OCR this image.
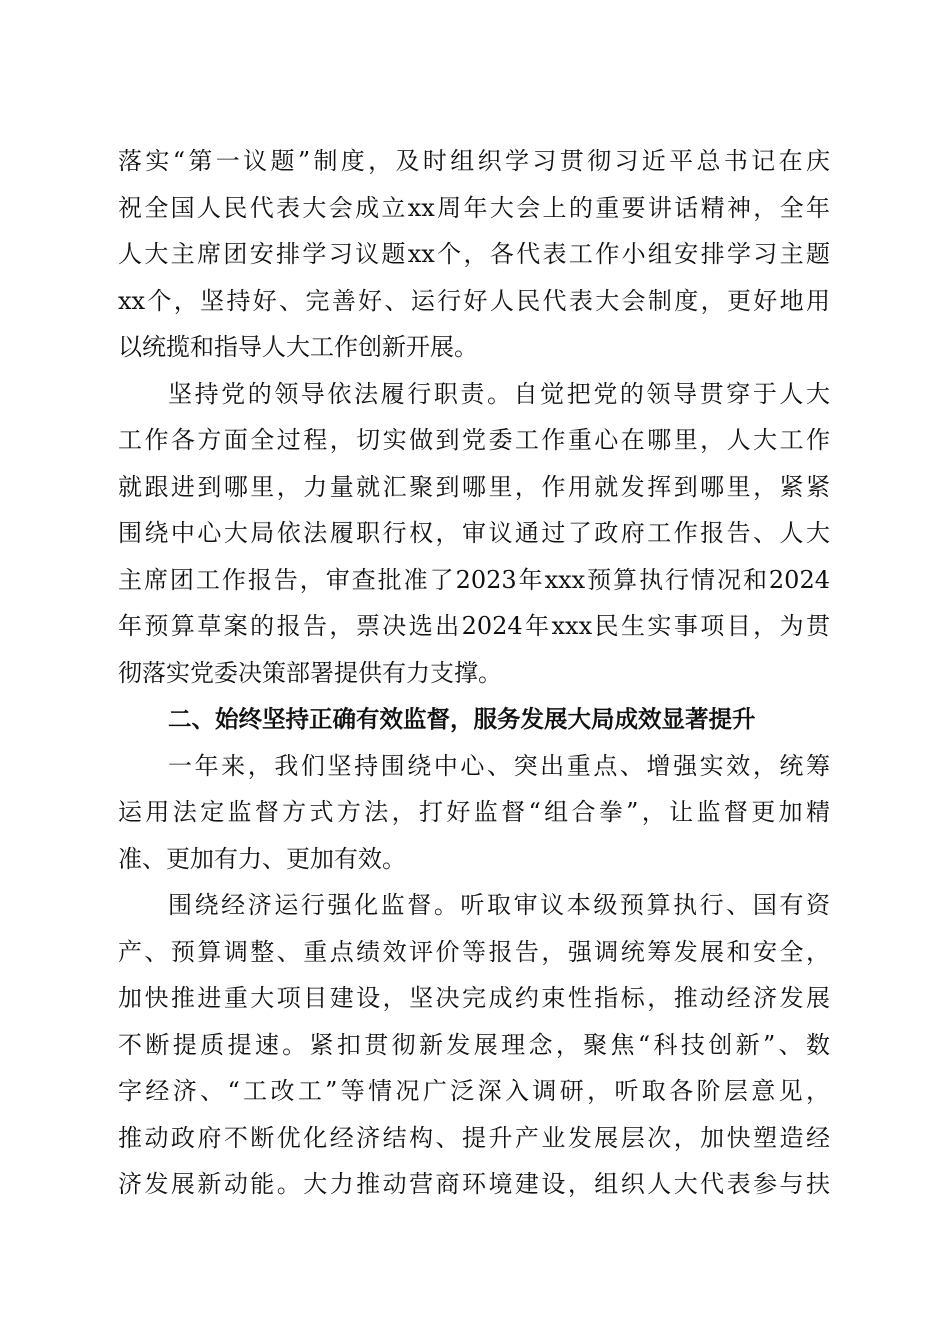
落实“第一议题”制度，及时组织学习贯彻习近平总书记在庆
祝全国人民代表大会成立xx周年大会上的重要讲话精神，全年
人大主席团安排学习议题xx个，各代表工作小组安排学习主题
xx个，坚持好、完善好、运行好人民代表大会制度，更好地用
以统揽和指导人大工作创新开展。
坚持党的领导依法履行职责。自觉把党的领导贯穿于人大
工作各方面全过程，切实做到党委工作重心在哪里，人大工作
就跟进到哪里，力量就汇聚到哪里，作用就发挥到哪里，紧紧
围绕中心大局依法履职行权，审议通过了政府工作报告、人大
主席团工作报告，审查批准了2023年xxx预算执行情况和2024
年预算草案的报告，票决选出2024年xxx民生实事项目，为贯
彻落实党委决策部署提供有力支撑。
二、始终坚持正确有效监督，服务发展大局成效显著提升
一年来，我们坚持围绕中心、突出重点、增强实效，统筹
运用法定监督方式方法，打好监督“组合拳”，让监督更加精
准、更加有力、更加有效。
围绕经济运行强化监督。听取审议本级预算执行、国有资
产、预算调整、重点绩效评价等报告，强调统筹发展和安全，
加快推进重大项目建设，坚决完成约束性指标，推动经济发展
不断提质提速。紧扣贯彻新发展理念，聚焦“科技创新”、数
字经济、“工改工”等情况广泛深入调研，听取各阶层意见，
推动政府不断优化经济结构、提升产业发展层次，加快塑造经
济发展新动能。大力推动营商环境建设，组织人大代表参与扶
